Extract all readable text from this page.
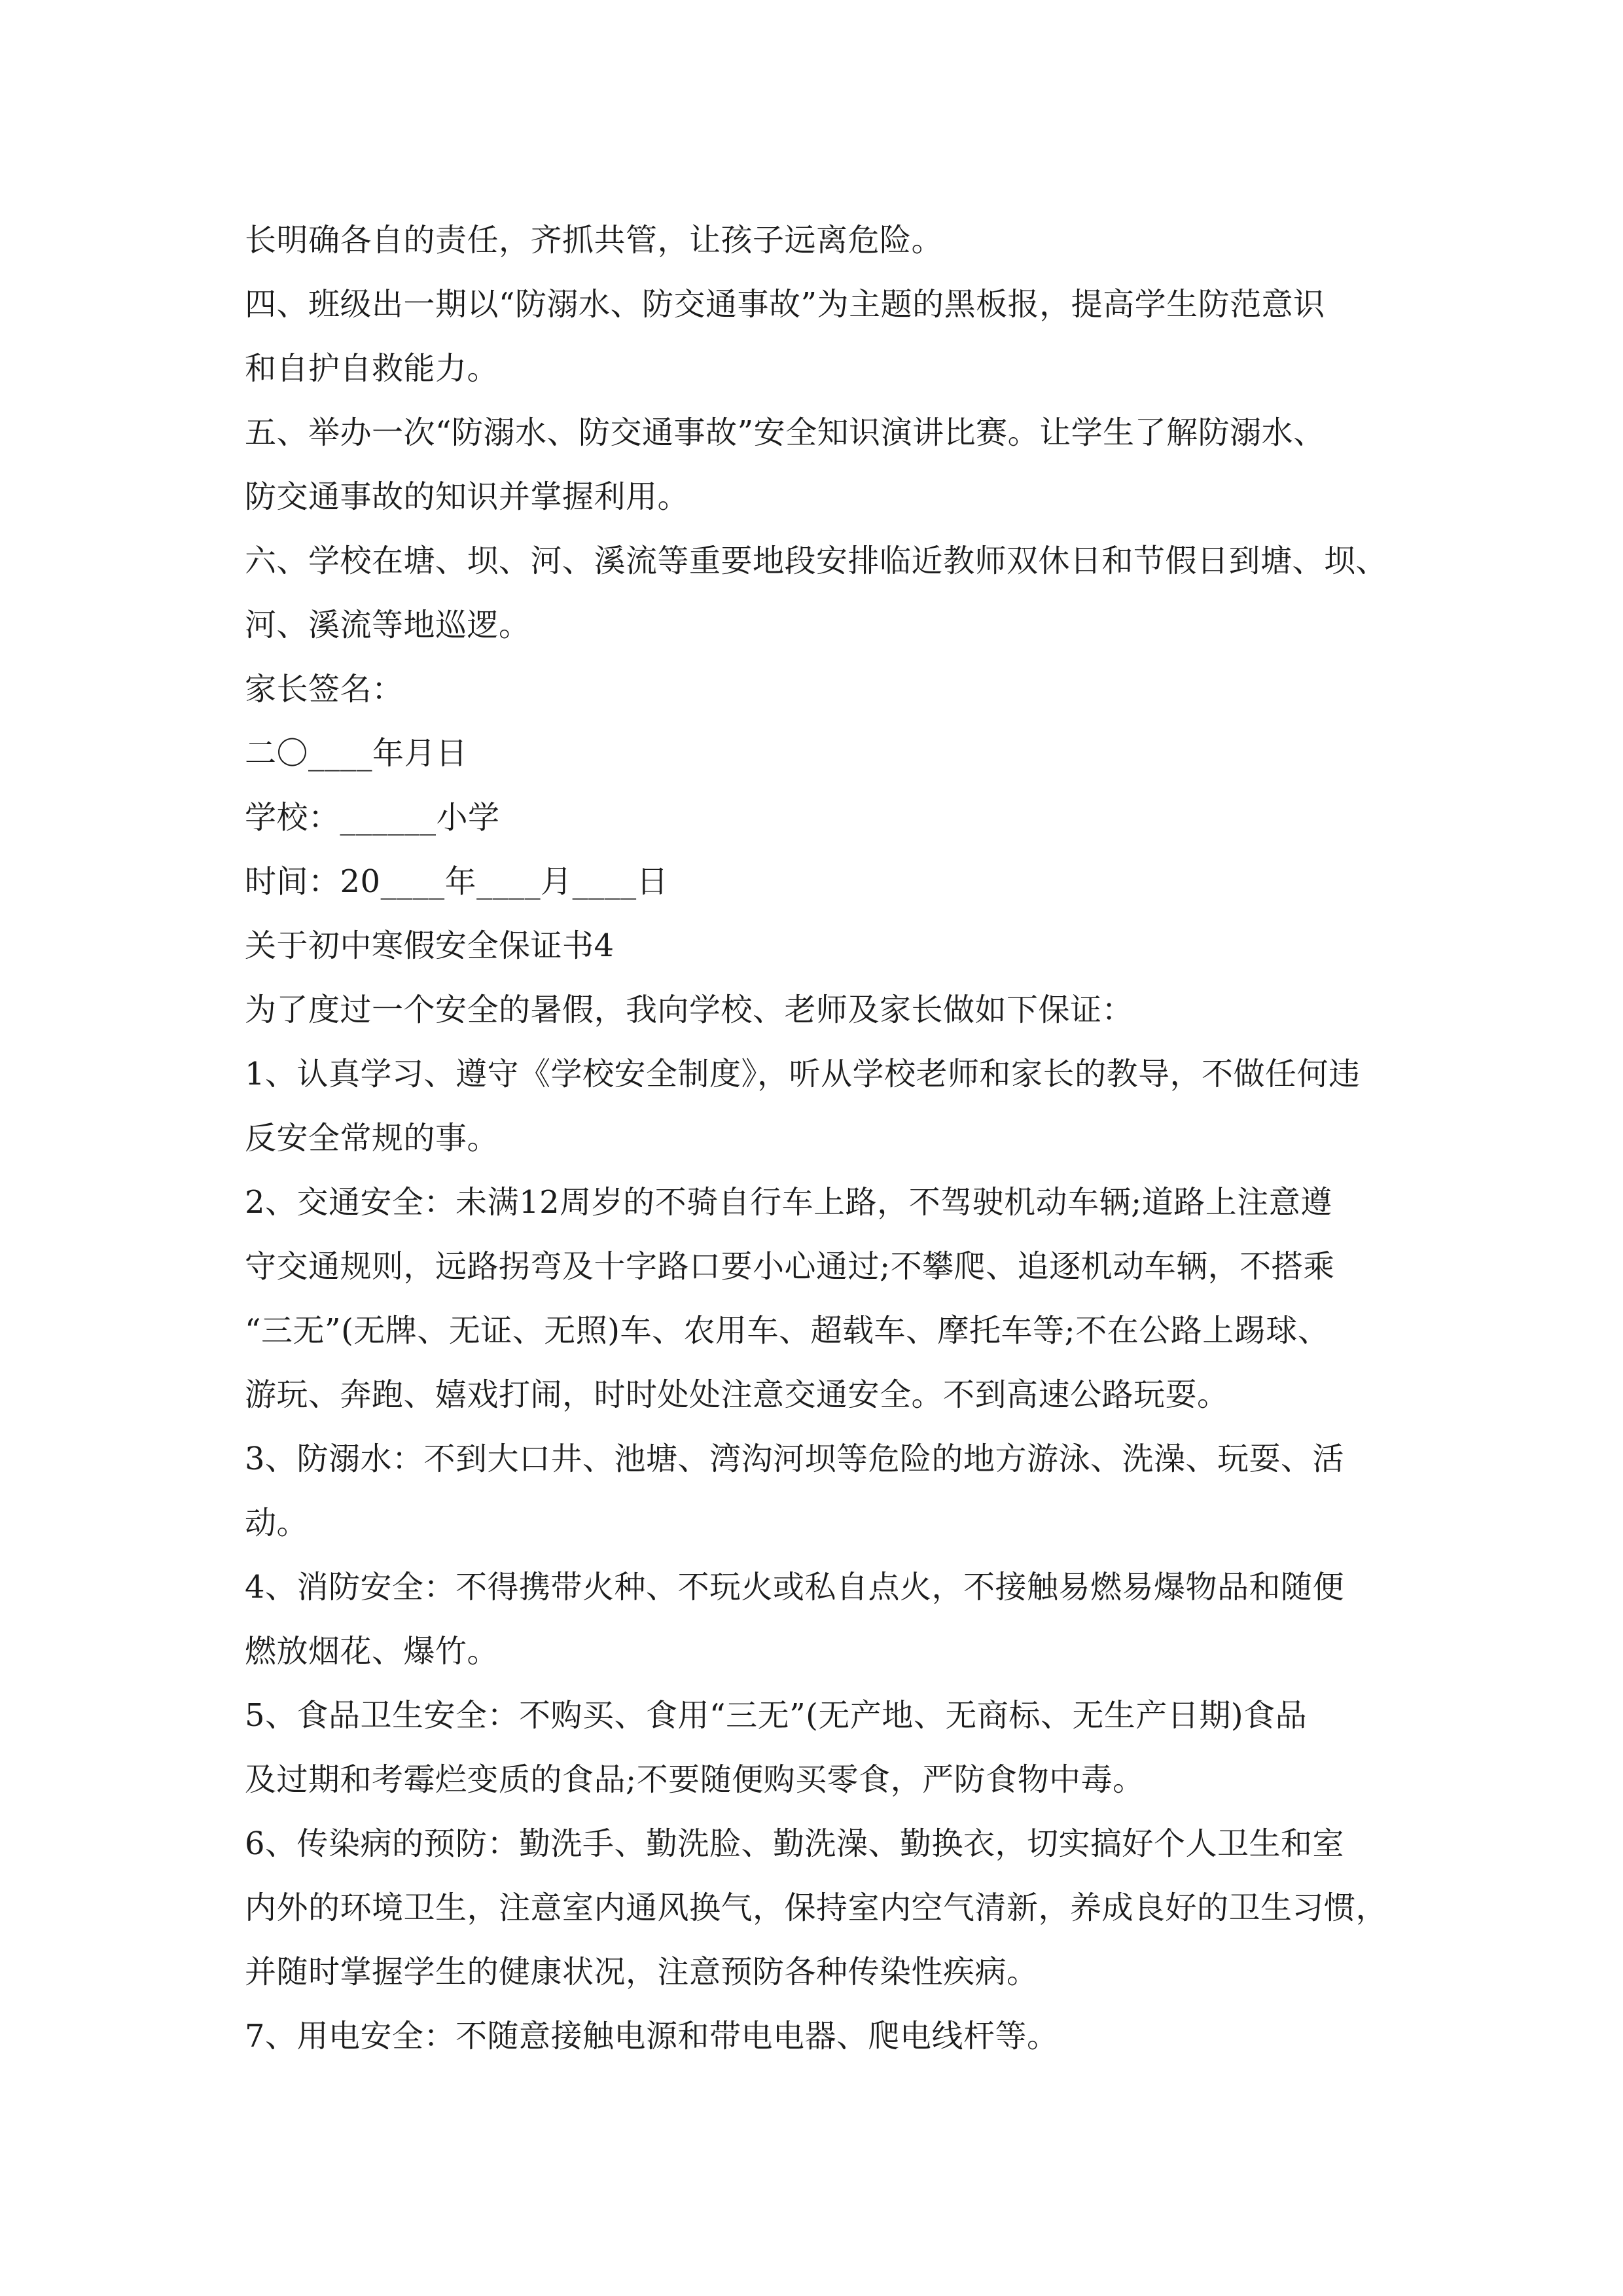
长明确各自的责任，齐抓共管，让孩子远离危险。
四、班级出一期以“防溺水、防交通事故”为主题的黑板报，提高学生防范意识
和自护自救能力。
五、举办一次“防溺水、防交通事故”安全知识演讲比赛。让学生了解防溺水、
防交通事故的知识并掌握利用。
六、学校在塘、坝、河、溪流等重要地段安排临近教师双休日和节假日到塘、坝、
河、溪流等地巡逻。
家长签名：
二〇____年月日
学校：______小学
时间：20____年____月____日
关于初中寒假安全保证书4
为了度过一个安全的暑假，我向学校、老师及家长做如下保证：
1、认真学习、遵守《学校安全制度》，听从学校老师和家长的教导，不做任何违
反安全常规的事。
2、交通安全：未满12周岁的不骑自行车上路，不驾驶机动车辆;道路上注意遵
守交通规则，远路拐弯及十字路口要小心通过;不攀爬、追逐机动车辆，不搭乘
“三无”(无牌、无证、无照)车、农用车、超载车、摩托车等;不在公路上踢球、
游玩、奔跑、嬉戏打闹，时时处处注意交通安全。不到高速公路玩耍。
3、防溺水：不到大口井、池塘、湾沟河坝等危险的地方游泳、洗澡、玩耍、活
动。
4、消防安全：不得携带火种、不玩火或私自点火，不接触易燃易爆物品和随便
燃放烟花、爆竹。
5、食品卫生安全：不购买、食用“三无”(无产地、无商标、无生产日期)食品
及过期和考霉烂变质的食品;不要随便购买零食，严防食物中毒。
6、传染病的预防：勤洗手、勤洗脸、勤洗澡、勤换衣，切实搞好个人卫生和室
内外的环境卫生，注意室内通风换气，保持室内空气清新，养成良好的卫生习惯，
并随时掌握学生的健康状况，注意预防各种传染性疾病。
7、用电安全：不随意接触电源和带电电器、爬电线杆等。
